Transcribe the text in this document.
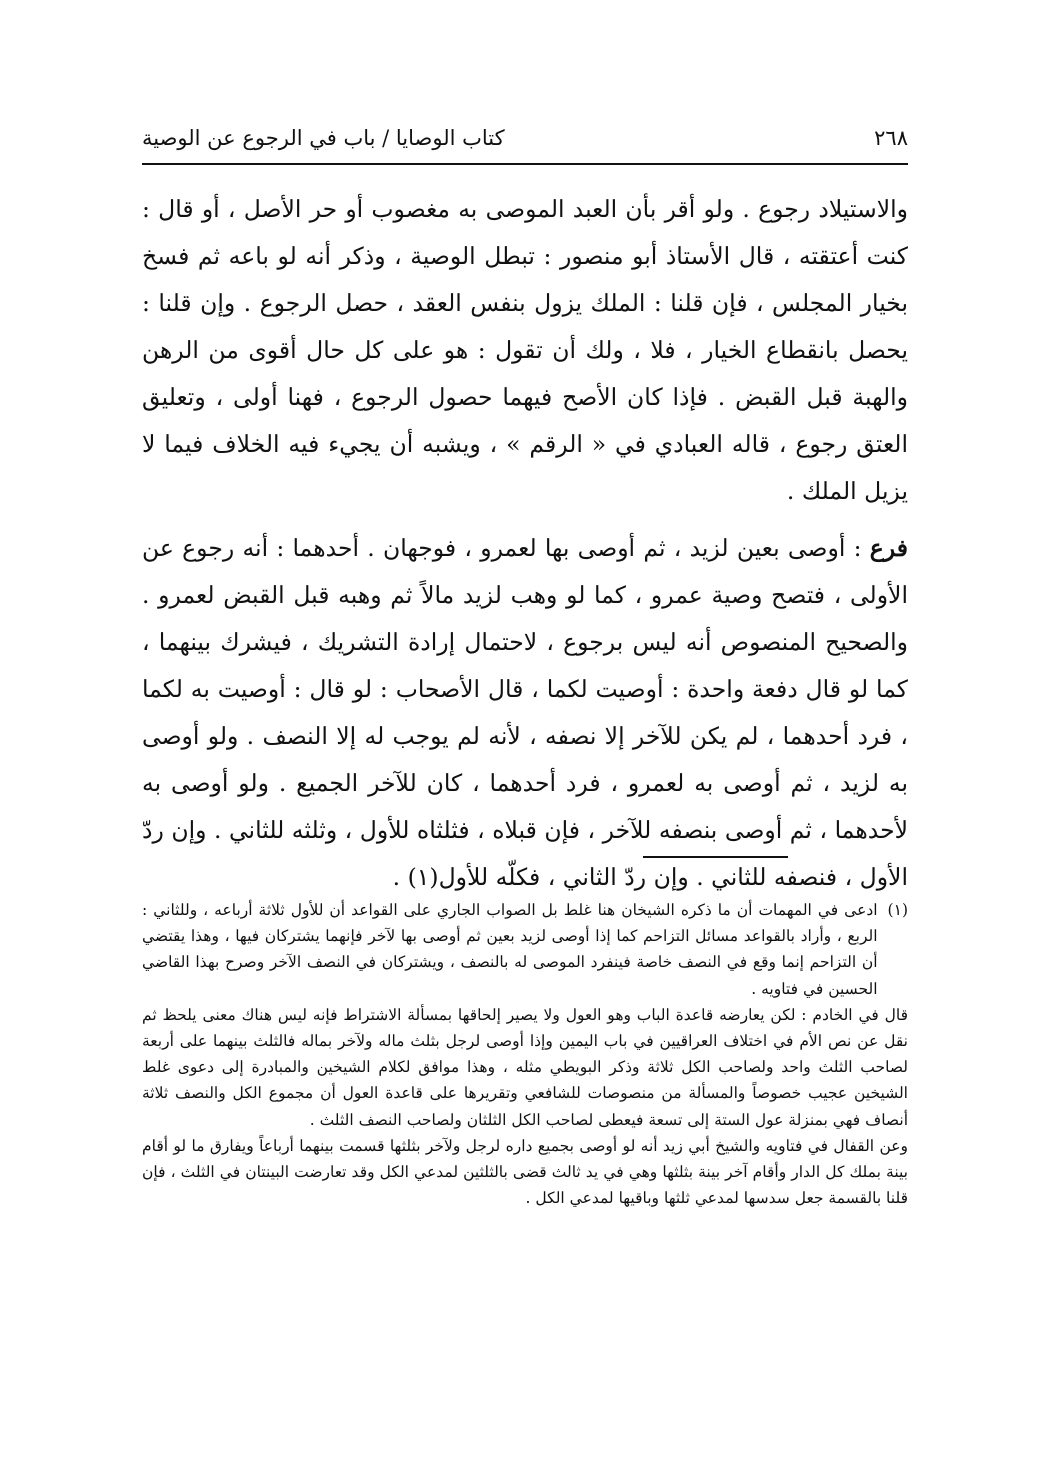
٢٦٨
كتاب الوصايا / باب في الرجوع عن الوصية

والاستيلاد رجوع . ولو أقر بأن العبد الموصى به مغصوب أو حر الأصل ، أو قال : كنت أعتقته ، قال الأستاذ أبو منصور : تبطل الوصية ، وذكر أنه لو باعه ثم فسخ بخيار المجلس ، فإن قلنا : الملك يزول بنفس العقد ، حصل الرجوع . وإن قلنا : يحصل بانقطاع الخيار ، فلا ، ولك أن تقول : هو على كل حال أقوى من الرهن والهبة قبل القبض . فإذا كان الأصح فيهما حصول الرجوع ، فهنا أولى ، وتعليق العتق رجوع ، قاله العبادي في « الرقم » ، ويشبه أن يجيء فيه الخلاف فيما لا يزيل الملك .

فرع : أوصى بعين لزيد ، ثم أوصى بها لعمرو ، فوجهان . أحدهما : أنه رجوع عن الأولى ، فتصح وصية عمرو ، كما لو وهب لزيد مالاً ثم وهبه قبل القبض لعمرو . والصحيح المنصوص أنه ليس برجوع ، لاحتمال إرادة التشريك ، فيشرك بينهما ، كما لو قال دفعة واحدة : أوصيت لكما ، قال الأصحاب : لو قال : أوصيت به لكما ، فرد أحدهما ، لم يكن للآخر إلا نصفه ، لأنه لم يوجب له إلا النصف . ولو أوصى به لزيد ، ثم أوصى به لعمرو ، فرد أحدهما ، كان للآخر الجميع . ولو أوصى به لأحدهما ، ثم أوصى بنصفه للآخر ، فإن قبلاه ، فثلثاه للأول ، وثلثه للثاني . وإن ردّ الأول ، فنصفه للثاني . وإن ردّ الثاني ، فكلّه للأول(١) .

(١)
ادعى في المهمات أن ما ذكره الشيخان هنا غلط بل الصواب الجاري على القواعد أن للأول ثلاثة أرباعه ، وللثاني : الربع ، وأراد بالقواعد مسائل التزاحم كما إذا أوصى لزيد بعين ثم أوصى بها لآخر فإنهما يشتركان فيها ، وهذا يقتضي أن التزاحم إنما وقع في النصف خاصة فينفرد الموصى له بالنصف ، ويشتركان في النصف الآخر وصرح بهذا القاضي الحسين في فتاويه .

قال في الخادم : لكن يعارضه قاعدة الباب وهو العول ولا يصير إلحاقها بمسألة الاشتراط فإنه ليس هناك معنى يلحظ ثم نقل عن نص الأم في اختلاف العراقيين في باب اليمين وإذا أوصى لرجل بثلث ماله ولآخر بماله فالثلث بينهما على أربعة لصاحب الثلث واحد ولصاحب الكل ثلاثة وذكر البويطي مثله ، وهذا موافق لكلام الشيخين والمبادرة إلى دعوى غلط الشيخين عجيب خصوصاً والمسألة من منصوصات للشافعي وتقريرها على قاعدة العول أن مجموع الكل والنصف ثلاثة أنصاف فهي بمنزلة عول الستة إلى تسعة فيعطى لصاحب الكل الثلثان ولصاحب النصف الثلث .

وعن القفال في فتاويه والشيخ أبي زيد أنه لو أوصى بجميع داره لرجل ولآخر بثلثها قسمت بينهما أرباعاً ويفارق ما لو أقام بينة بملك كل الدار وأقام آخر بينة بثلثها وهي في يد ثالث قضى بالثلثين لمدعي الكل وقد تعارضت البينتان في الثلث ، فإن قلنا بالقسمة جعل سدسها لمدعي ثلثها وباقيها لمدعي الكل .
